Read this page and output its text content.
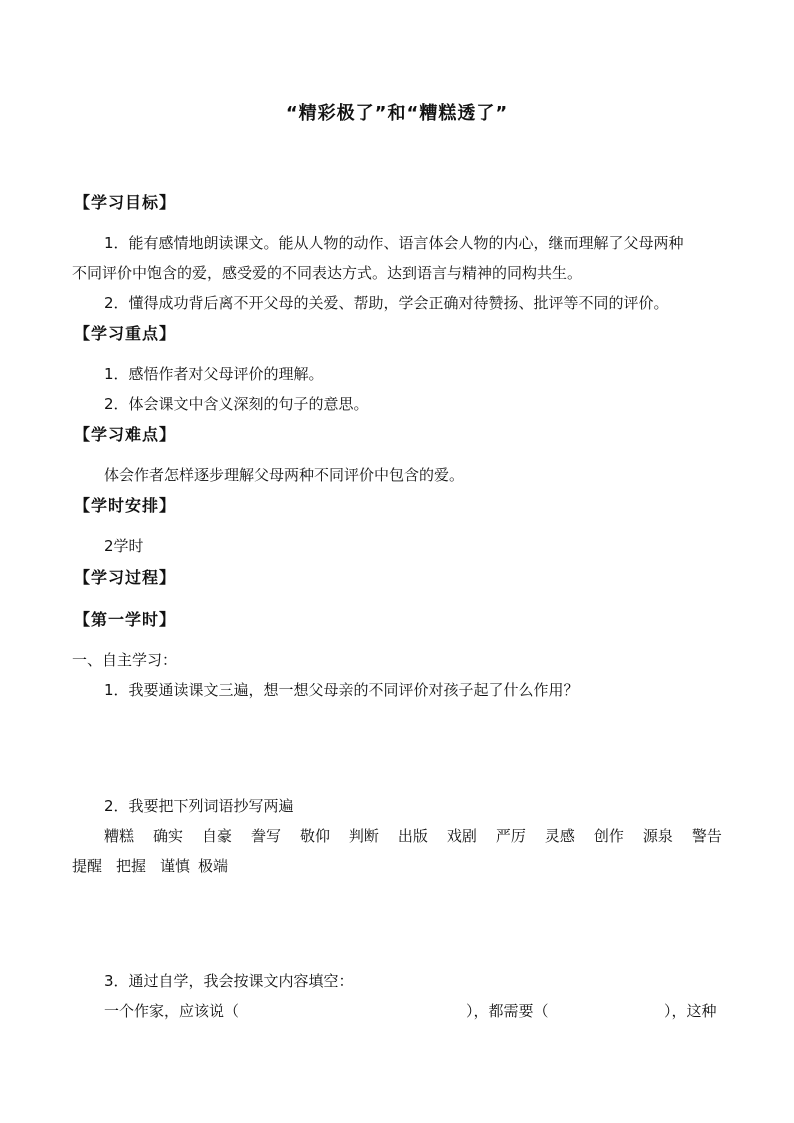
“精彩极了”和“糟糕透了”
【学习目标】
1．能有感情地朗读课文。能从人物的动作、语言体会人物的内心，继而理解了父母两种
不同评价中饱含的爱，感受爱的不同表达方式。达到语言与精神的同构共生。
2．懂得成功背后离不开父母的关爱、帮助，学会正确对待赞扬、批评等不同的评价。
【学习重点】
1．感悟作者对父母评价的理解。
2．体会课文中含义深刻的句子的意思。
【学习难点】
体会作者怎样逐步理解父母两种不同评价中包含的爱。
【学时安排】
2学时
【学习过程】
【第一学时】
一、自主学习：
1．我要通读课文三遍，想一想父母亲的不同评价对孩子起了什么作用？
2．我要把下列词语抄写两遍
糟糕 确实 自豪 誊写 敬仰 判断 出版 戏剧 严厉 灵感 创作 源泉 警告
提醒 把握 谨慎 极端
3．通过自学，我会按课文内容填空：
一个作家，应该说（	），都需要（	），这种
